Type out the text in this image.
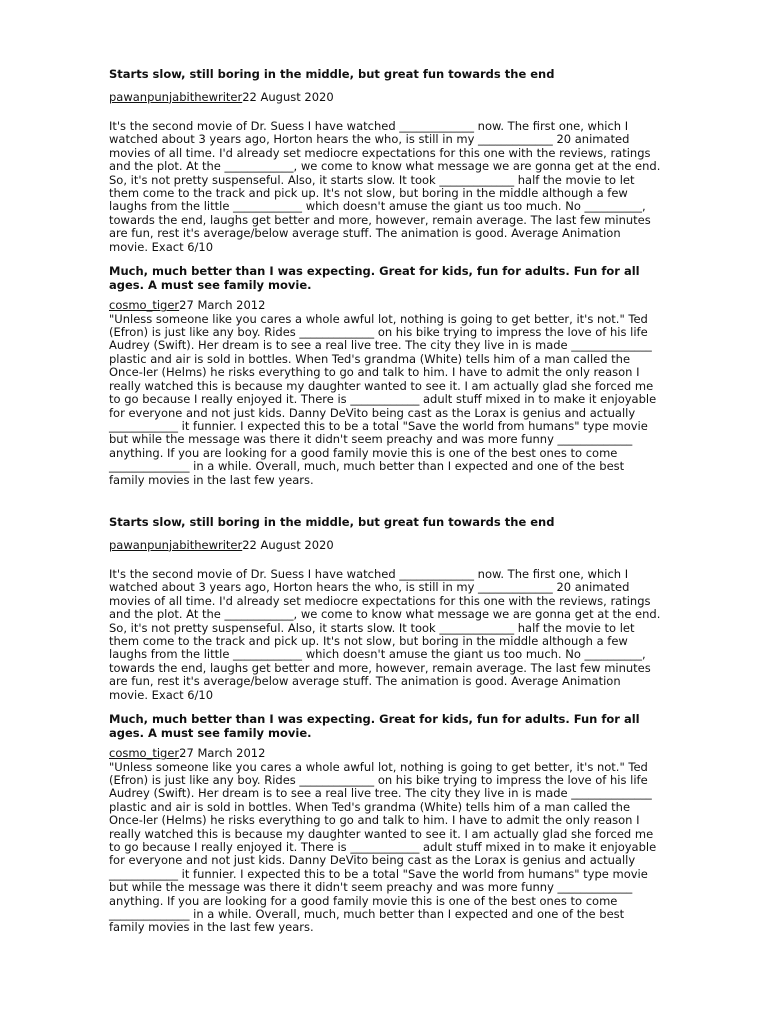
Starts slow, still boring in the middle, but great fun towards the end

pawanpunjabithewriter22 August 2020

It's the second movie of Dr. Suess I have watched _____________ now. The first one, which I watched about 3 years ago, Horton hears the who, is still in my _____________ 20 animated movies of all time. I'd already set mediocre expectations for this one with the reviews, ratings and the plot. At the ____________, we come to know what message we are gonna get at the end. So, it's not pretty suspenseful. Also, it starts slow. It took _____________ half the movie to let them come to the track and pick up. It's not slow, but boring in the middle although a few laughs from the little ____________ which doesn't amuse the giant us too much. No __________, towards the end, laughs get better and more, however, remain average. The last few minutes are fun, rest it's average/below average stuff. The animation is good. Average Animation movie. Exact 6/10

Much, much better than I was expecting. Great for kids, fun for adults. Fun for all ages. A must see family movie.

cosmo_tiger27 March 2012

"Unless someone like you cares a whole awful lot, nothing is going to get better, it's not." Ted (Efron) is just like any boy. Rides _____________ on his bike trying to impress the love of his life Audrey (Swift). Her dream is to see a real live tree. The city they live in is made ______________ plastic and air is sold in bottles. When Ted's grandma (White) tells him of a man called the Once-ler (Helms) he risks everything to go and talk to him. I have to admit the only reason I really watched this is because my daughter wanted to see it. I am actually glad she forced me to go because I really enjoyed it. There is ____________ adult stuff mixed in to make it enjoyable for everyone and not just kids. Danny DeVito being cast as the Lorax is genius and actually ____________ it funnier. I expected this to be a total "Save the world from humans" type movie but while the message was there it didn't seem preachy and was more funny _____________ anything. If you are looking for a good family movie this is one of the best ones to come ______________ in a while. Overall, much, much better than I expected and one of the best family movies in the last few years.

Starts slow, still boring in the middle, but great fun towards the end

pawanpunjabithewriter22 August 2020

It's the second movie of Dr. Suess I have watched _____________ now. The first one, which I watched about 3 years ago, Horton hears the who, is still in my _____________ 20 animated movies of all time. I'd already set mediocre expectations for this one with the reviews, ratings and the plot. At the ____________, we come to know what message we are gonna get at the end. So, it's not pretty suspenseful. Also, it starts slow. It took _____________ half the movie to let them come to the track and pick up. It's not slow, but boring in the middle although a few laughs from the little ____________ which doesn't amuse the giant us too much. No __________, towards the end, laughs get better and more, however, remain average. The last few minutes are fun, rest it's average/below average stuff. The animation is good. Average Animation movie. Exact 6/10

Much, much better than I was expecting. Great for kids, fun for adults. Fun for all ages. A must see family movie.

cosmo_tiger27 March 2012

"Unless someone like you cares a whole awful lot, nothing is going to get better, it's not." Ted (Efron) is just like any boy. Rides _____________ on his bike trying to impress the love of his life Audrey (Swift). Her dream is to see a real live tree. The city they live in is made ______________ plastic and air is sold in bottles. When Ted's grandma (White) tells him of a man called the Once-ler (Helms) he risks everything to go and talk to him. I have to admit the only reason I really watched this is because my daughter wanted to see it. I am actually glad she forced me to go because I really enjoyed it. There is ____________ adult stuff mixed in to make it enjoyable for everyone and not just kids. Danny DeVito being cast as the Lorax is genius and actually ____________ it funnier. I expected this to be a total "Save the world from humans" type movie but while the message was there it didn't seem preachy and was more funny _____________ anything. If you are looking for a good family movie this is one of the best ones to come ______________ in a while. Overall, much, much better than I expected and one of the best family movies in the last few years.
